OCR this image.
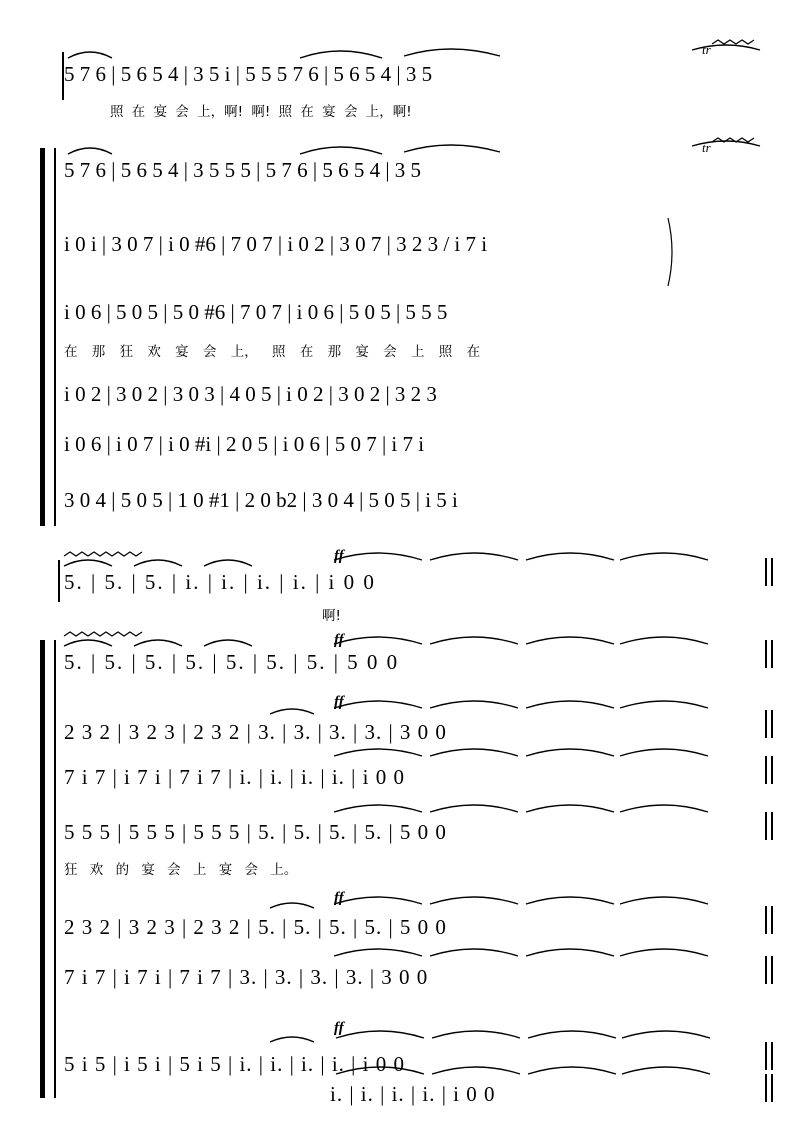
5 7 6 | 5 6 5 4 | 3 5 i | 5 5 5 7 6 | 5 6 5 4 | 3 5
照 在 宴 会 上，啊! 啊! 照 在 宴 会 上，啊!
tr
5 7 6 | 5 6 5 4 | 3 5 5 5 | 5 7 6 | 5 6 5 4 | 3 5
tr
i 0 i | 3 0 7 | i 0 #6 | 7 0 7 | i 0 2 | 3 0 7 | 3 2 3 / i 7 i
i 0 6 | 5 0 5 | 5 0 #6 | 7 0 7 | i 0 6 | 5 0 5 | 5 5 5
在 那 狂 欢 宴 会 上， 照 在 那 宴 会 上 照 在
i 0 2 | 3 0 2 | 3 0 3 | 4 0 5 | i 0 2 | 3 0 2 | 3 2 3
i 0 6 | i 0 7 | i 0 #i | 2 0 5 | i 0 6 | 5 0 7 | i 7 i
3 0 4 | 5 0 5 | 1 0 #1 | 2 0 b2 | 3 0 4 | 5 0 5 | i 5 i
5. | 5. | 5. | i. | i. | i. | i. | i 0 0
啊!
ff
5. | 5. | 5. | 5. | 5. | 5. | 5. | 5 0 0
ff
2 3 2 | 3 2 3 | 2 3 2 | 3. | 3. | 3. | 3. | 3 0 0
ff
7 i 7 | i 7 i | 7 i 7 | i. | i. | i. | i. | i 0 0
5 5 5 | 5 5 5 | 5 5 5 | 5. | 5. | 5. | 5. | 5 0 0
狂 欢 的 宴 会 上 宴 会 上。
2 3 2 | 3 2 3 | 2 3 2 | 5. | 5. | 5. | 5. | 5 0 0
ff
7 i 7 | i 7 i | 7 i 7 | 3. | 3. | 3. | 3. | 3 0 0
5 i 5 | i 5 i | 5 i 5 | i. | i. | i. | i. | i 0 0
ff
i. | i. | i. | i. | i 0 0
